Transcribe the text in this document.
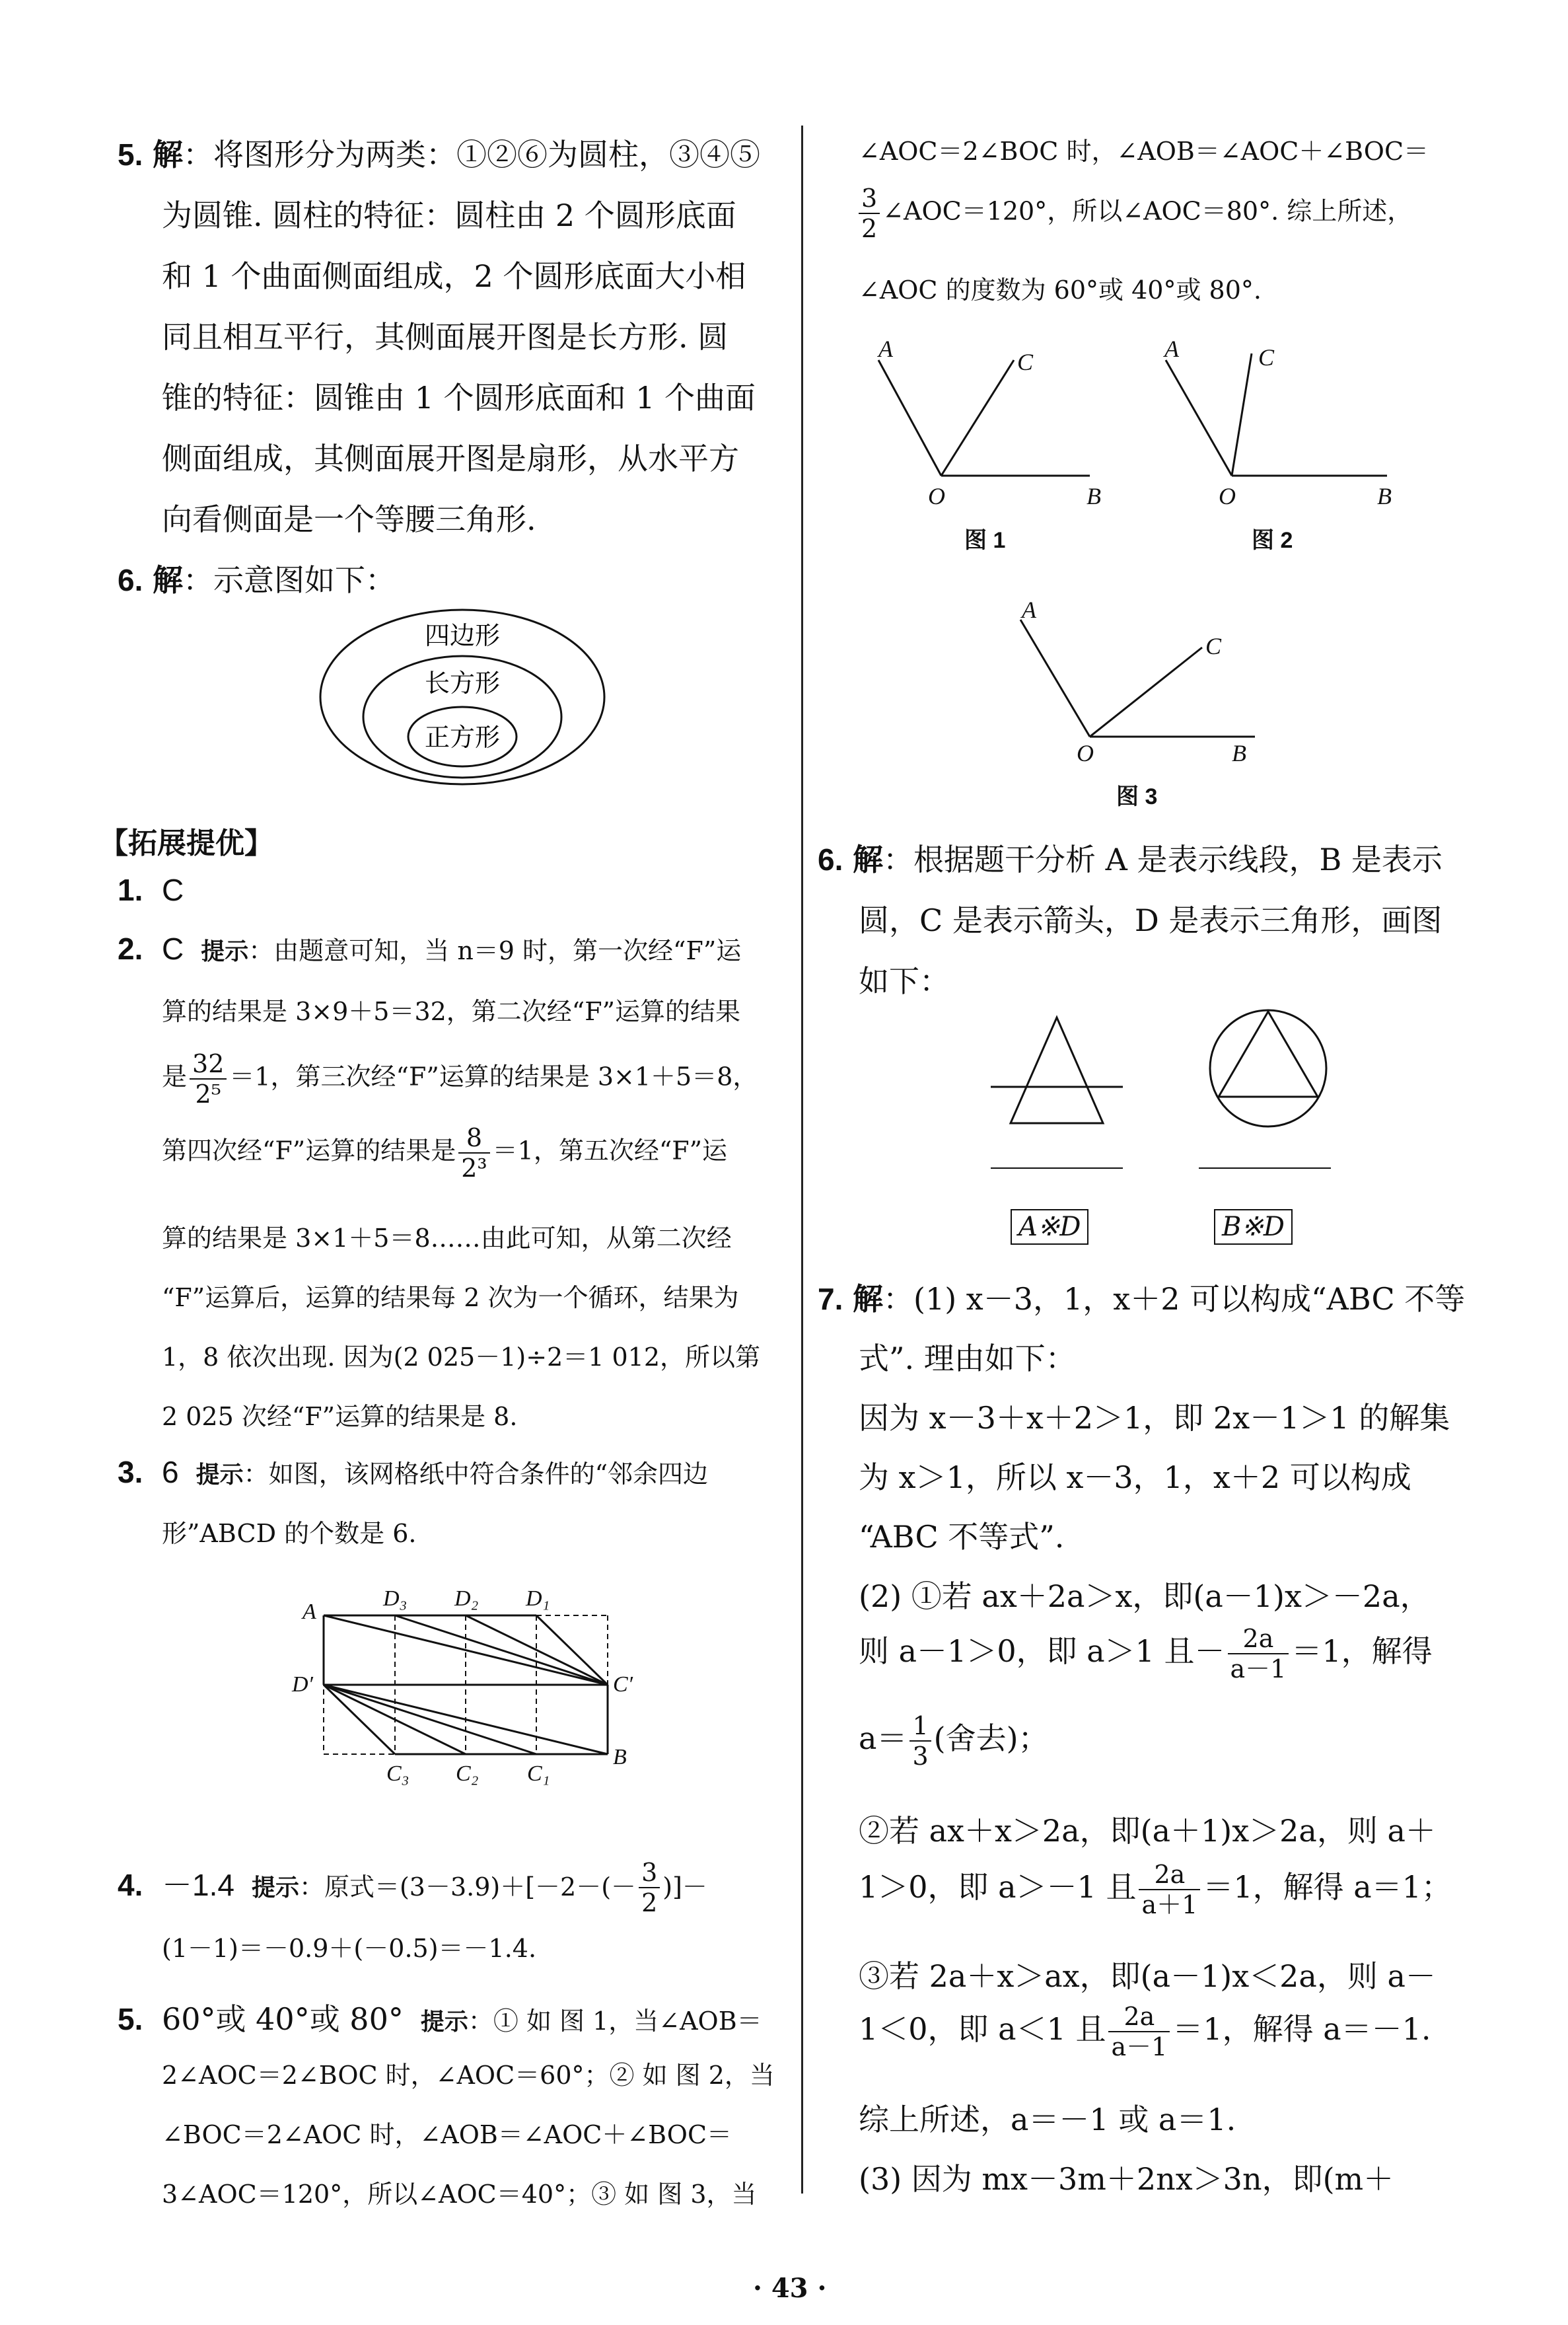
5. 解：将图形分为两类：①②⑥为圆柱，③④⑤
为圆锥. 圆柱的特征：圆柱由 2 个圆形底面
和 1 个曲面侧面组成，2 个圆形底面大小相
同且相互平行，其侧面展开图是长方形. 圆
锥的特征：圆锥由 1 个圆形底面和 1 个曲面
侧面组成，其侧面展开图是扇形，从水平方
向看侧面是一个等腰三角形.
6. 解：示意图如下：
四边形
长方形
正方形
【拓展提优】
1. C
2. C 提示：由题意可知，当 n＝9 时，第一次经“F”运
算的结果是 3×9＋5＝32，第二次经“F”运算的结果
是 $\frac{32}{\text{2⁵}} =1$，第三次经“F”运算的结果是 3×1＋5＝8，
第四次经“F”运算的结果是 $\frac{8}{\text{2³}} =1$，第五次经“F”运
算的结果是 3×1＋5＝8……由此可知，从第二次经
“F”运算后，运算的结果每 2 次为一个循环，结果为
1，8 依次出现. 因为(2 025－1)÷2＝1 012，所以第
2 025 次经“F”运算的结果是 8.
3. 6 提示：如图，该网格纸中符合条件的“邻余四边
形”ABCD 的个数是 6.
A
D₃ D₂ D₁
D′	C′
C₃ C₂ C₁
B
4. －1.4 提示：原式$=(3-3.9)+[-2-(- \frac{3}{2}$ )]－
(1－1)＝－0.9＋(－0.5)＝－1.4.
5. 60°或 40°或 80° 提示：① 如 图 1，当∠AOB＝
2∠AOC＝2∠BOC 时，∠AOC＝60°；② 如 图 2，当
∠BOC＝2∠AOC 时，∠AOB＝∠AOC＋∠BOC＝
3∠AOC＝120°，所以∠AOC＝40°；③ 如 图 3，当
∠AOC＝2∠BOC 时，∠AOB＝∠AOC＋∠BOC＝
$\frac{3}{2}$ ∠AOC＝120°，所以∠AOC＝80°. 综上所述，
∠AOC 的度数为 60°或 40°或 80°.
A	C
O	B
图 1
A	C
O	B
图 2
A
C
O	B
图 3
6. 解：根据题干分析 A 是表示线段，B 是表示
圆，C 是表示箭头，D 是表示三角形，画图
如下：
A※D	B※D
7. 解：(1) x－3，1，x＋2 可以构成“ABC 不等
式”. 理由如下：
因为 x－3＋x＋2＞1，即 2x－1＞1 的解集
为 x＞1，所以 x－3，1，x＋2 可以构成
“ABC 不等式”.
(2) ①若 ax＋2a＞x，即(a－1)x＞－2a，
则 a－1＞0，即 a＞1 且－ $\frac{2a}{a-1} =1$，解得
$a= \frac{1}{3}$ (舍去)；
②若 ax＋x＞2a，即(a＋1)x＞2a，则 a＋
1＞0，即 a＞－1 且 $\frac{2a}{a+1} =1$，解得 a＝1；
③若 2a＋x＞ax，即(a－1)x＜2a，则 a－
1＜0，即 a＜1 且 $\frac{2a}{a-1} =1$，解得 a＝－1.
综上所述，a＝－1 或 a＝1.
(3) 因为 mx－3m＋2nx＞3n，即(m＋
· 43 ·
